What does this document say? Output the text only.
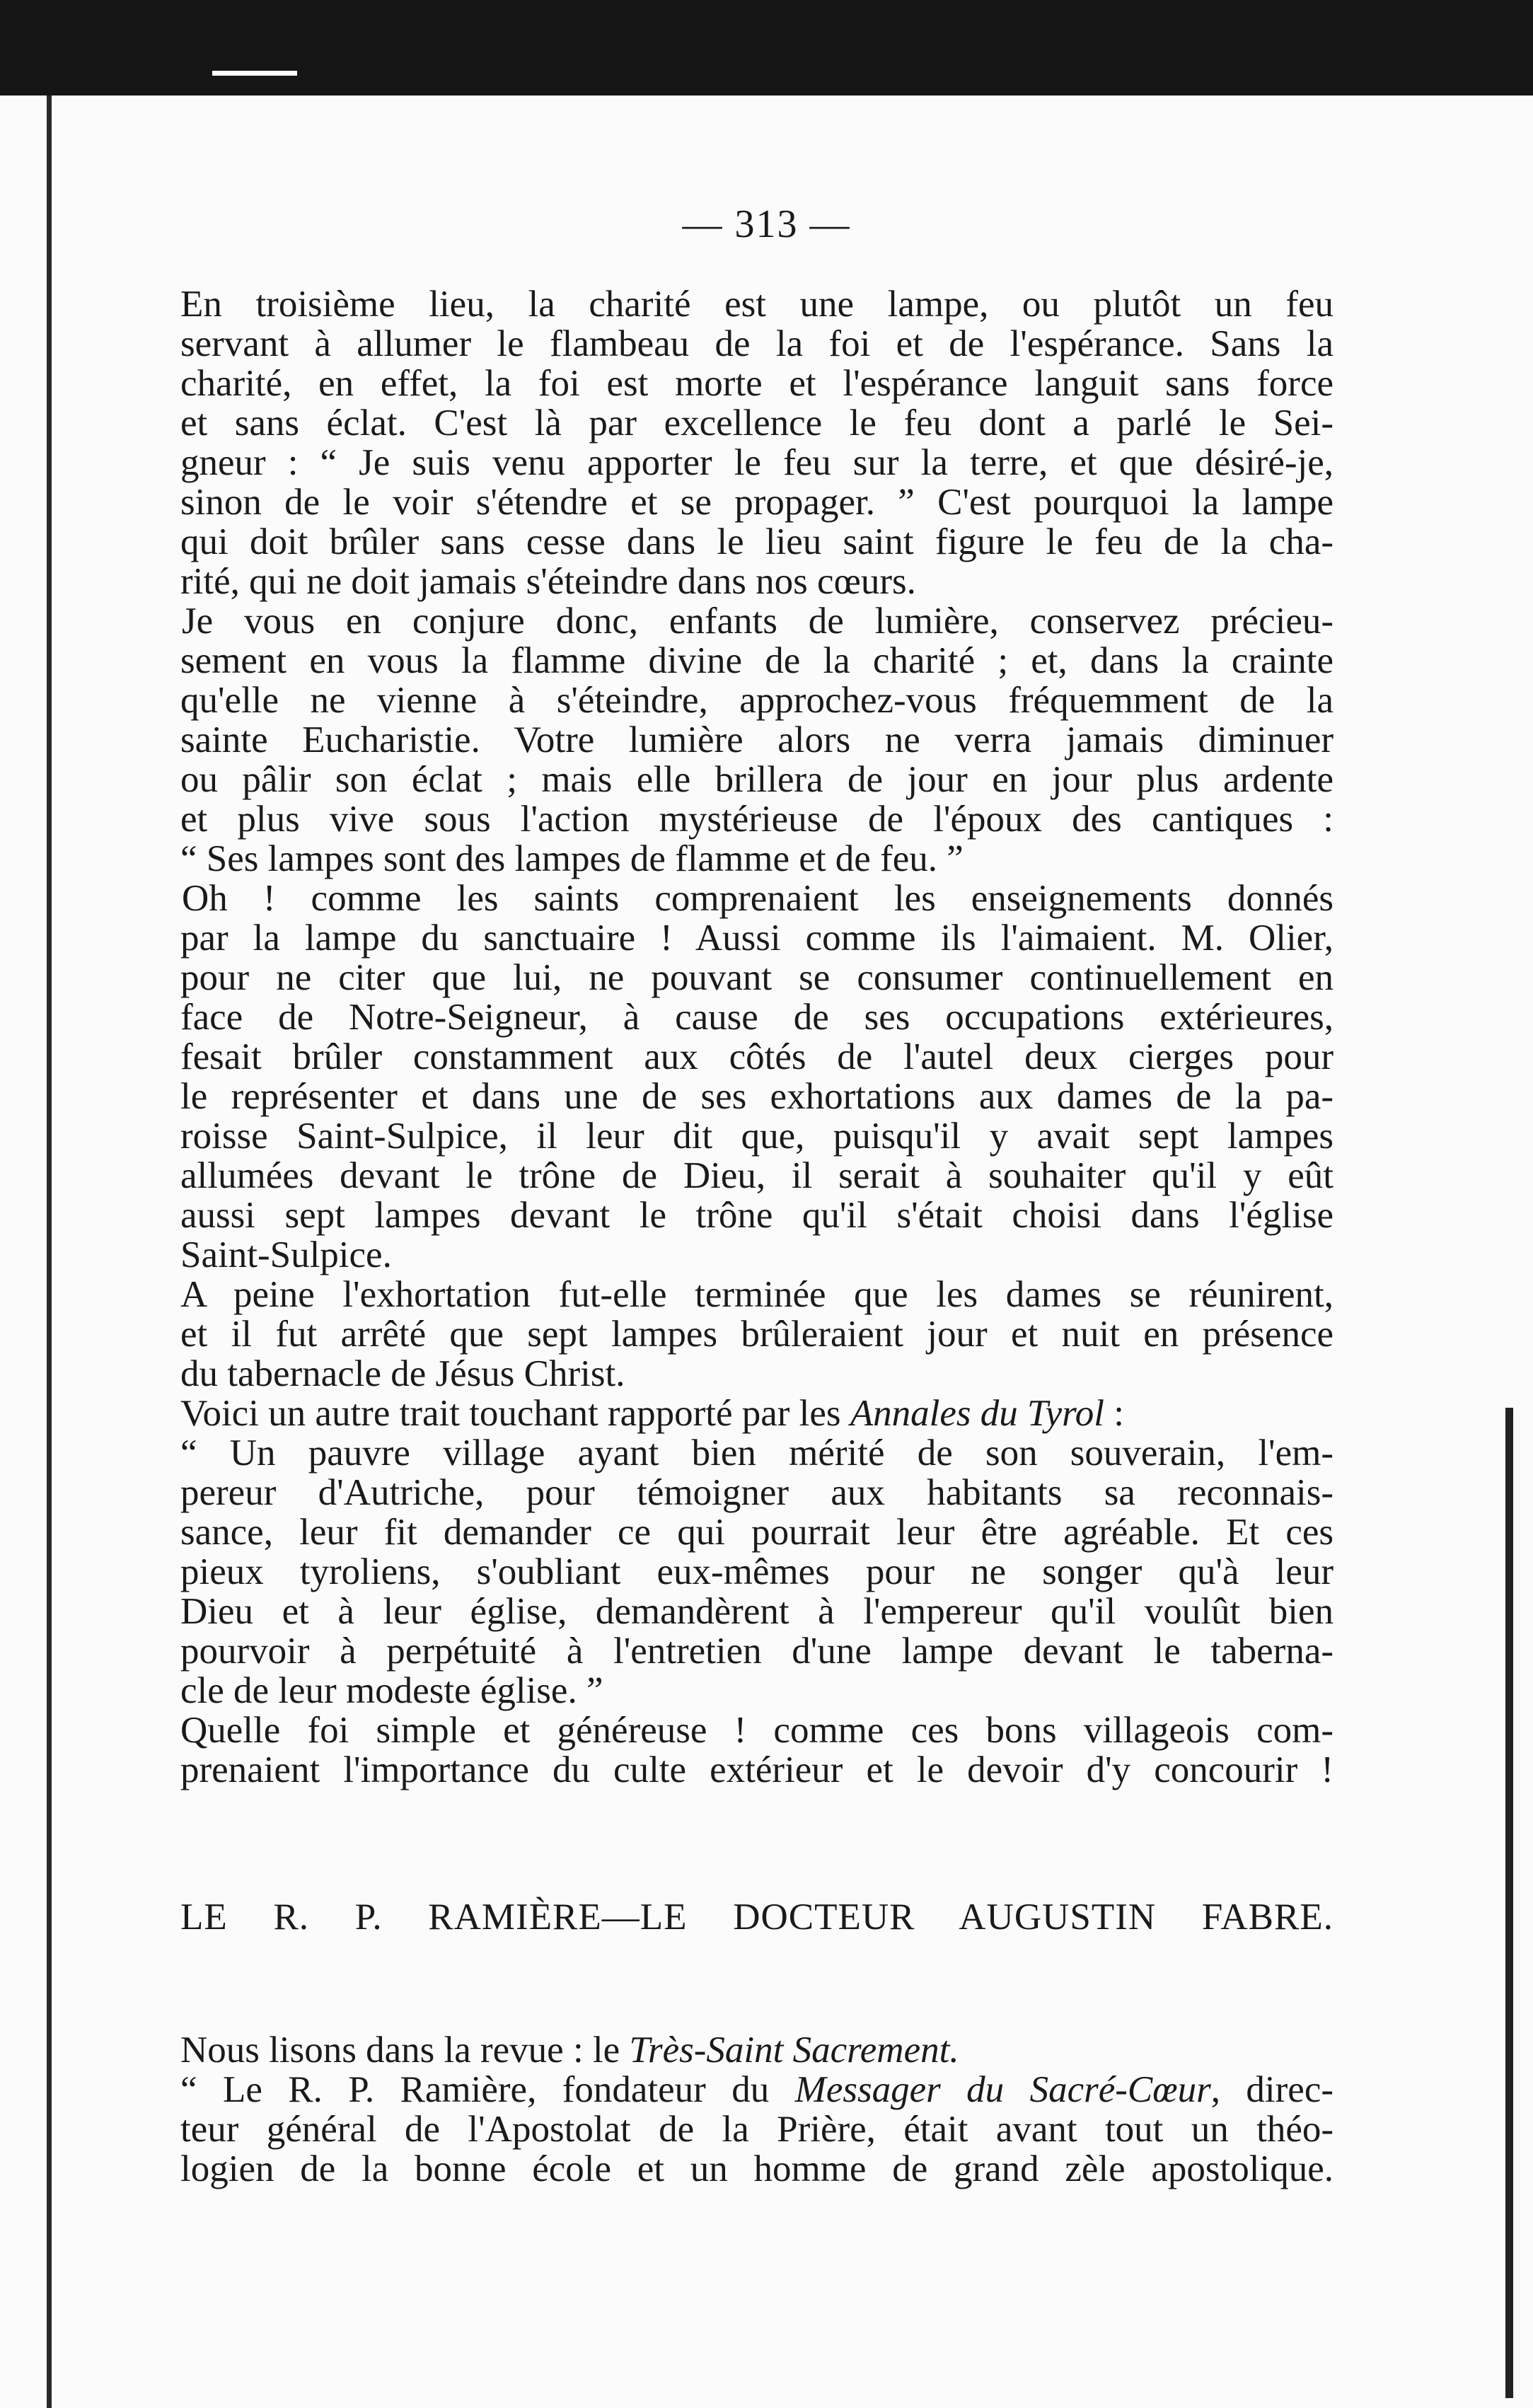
— 313 —
En troisième lieu, la charité est une lampe, ou plutôt un feu
servant à allumer le flambeau de la foi et de l'espérance. Sans la
charité, en effet, la foi est morte et l'espérance languit sans force
et sans éclat. C'est là par excellence le feu dont a parlé le Sei-
gneur : “ Je suis venu apporter le feu sur la terre, et que désiré-je,
sinon de le voir s'étendre et se propager. ” C'est pourquoi la lampe
qui doit brûler sans cesse dans le lieu saint figure le feu de la cha-
rité, qui ne doit jamais s'éteindre dans nos cœurs.
Je vous en conjure donc, enfants de lumière, conservez précieu-
sement en vous la flamme divine de la charité ; et, dans la crainte
qu'elle ne vienne à s'éteindre, approchez-vous fréquemment de la
sainte Eucharistie. Votre lumière alors ne verra jamais diminuer
ou pâlir son éclat ; mais elle brillera de jour en jour plus ardente
et plus vive sous l'action mystérieuse de l'époux des cantiques :
“ Ses lampes sont des lampes de flamme et de feu. ”
Oh ! comme les saints comprenaient les enseignements donnés
par la lampe du sanctuaire ! Aussi comme ils l'aimaient. M. Olier,
pour ne citer que lui, ne pouvant se consumer continuellement en
face de Notre-Seigneur, à cause de ses occupations extérieures,
fesait brûler constamment aux côtés de l'autel deux cierges pour
le représenter et dans une de ses exhortations aux dames de la pa-
roisse Saint-Sulpice, il leur dit que, puisqu'il y avait sept lampes
allumées devant le trône de Dieu, il serait à souhaiter qu'il y eût
aussi sept lampes devant le trône qu'il s'était choisi dans l'église
Saint-Sulpice.
A peine l'exhortation fut-elle terminée que les dames se réunirent,
et il fut arrêté que sept lampes brûleraient jour et nuit en présence
du tabernacle de Jésus Christ.
Voici un autre trait touchant rapporté par les Annales du Tyrol :
“ Un pauvre village ayant bien mérité de son souverain, l'em-
pereur d'Autriche, pour témoigner aux habitants sa reconnais-
sance, leur fit demander ce qui pourrait leur être agréable. Et ces
pieux tyroliens, s'oubliant eux-mêmes pour ne songer qu'à leur
Dieu et à leur église, demandèrent à l'empereur qu'il voulût bien
pourvoir à perpétuité à l'entretien d'une lampe devant le taberna-
cle de leur modeste église. ”
Quelle foi simple et généreuse ! comme ces bons villageois com-
prenaient l'importance du culte extérieur et le devoir d'y concourir !
LE R. P. RAMIÈRE—LE DOCTEUR AUGUSTIN FABRE.
Nous lisons dans la revue : le Très-Saint Sacrement.
“ Le R. P. Ramière, fondateur du Messager du Sacré-Cœur, direc-
teur général de l'Apostolat de la Prière, était avant tout un théo-
logien de la bonne école et un homme de grand zèle apostolique.
